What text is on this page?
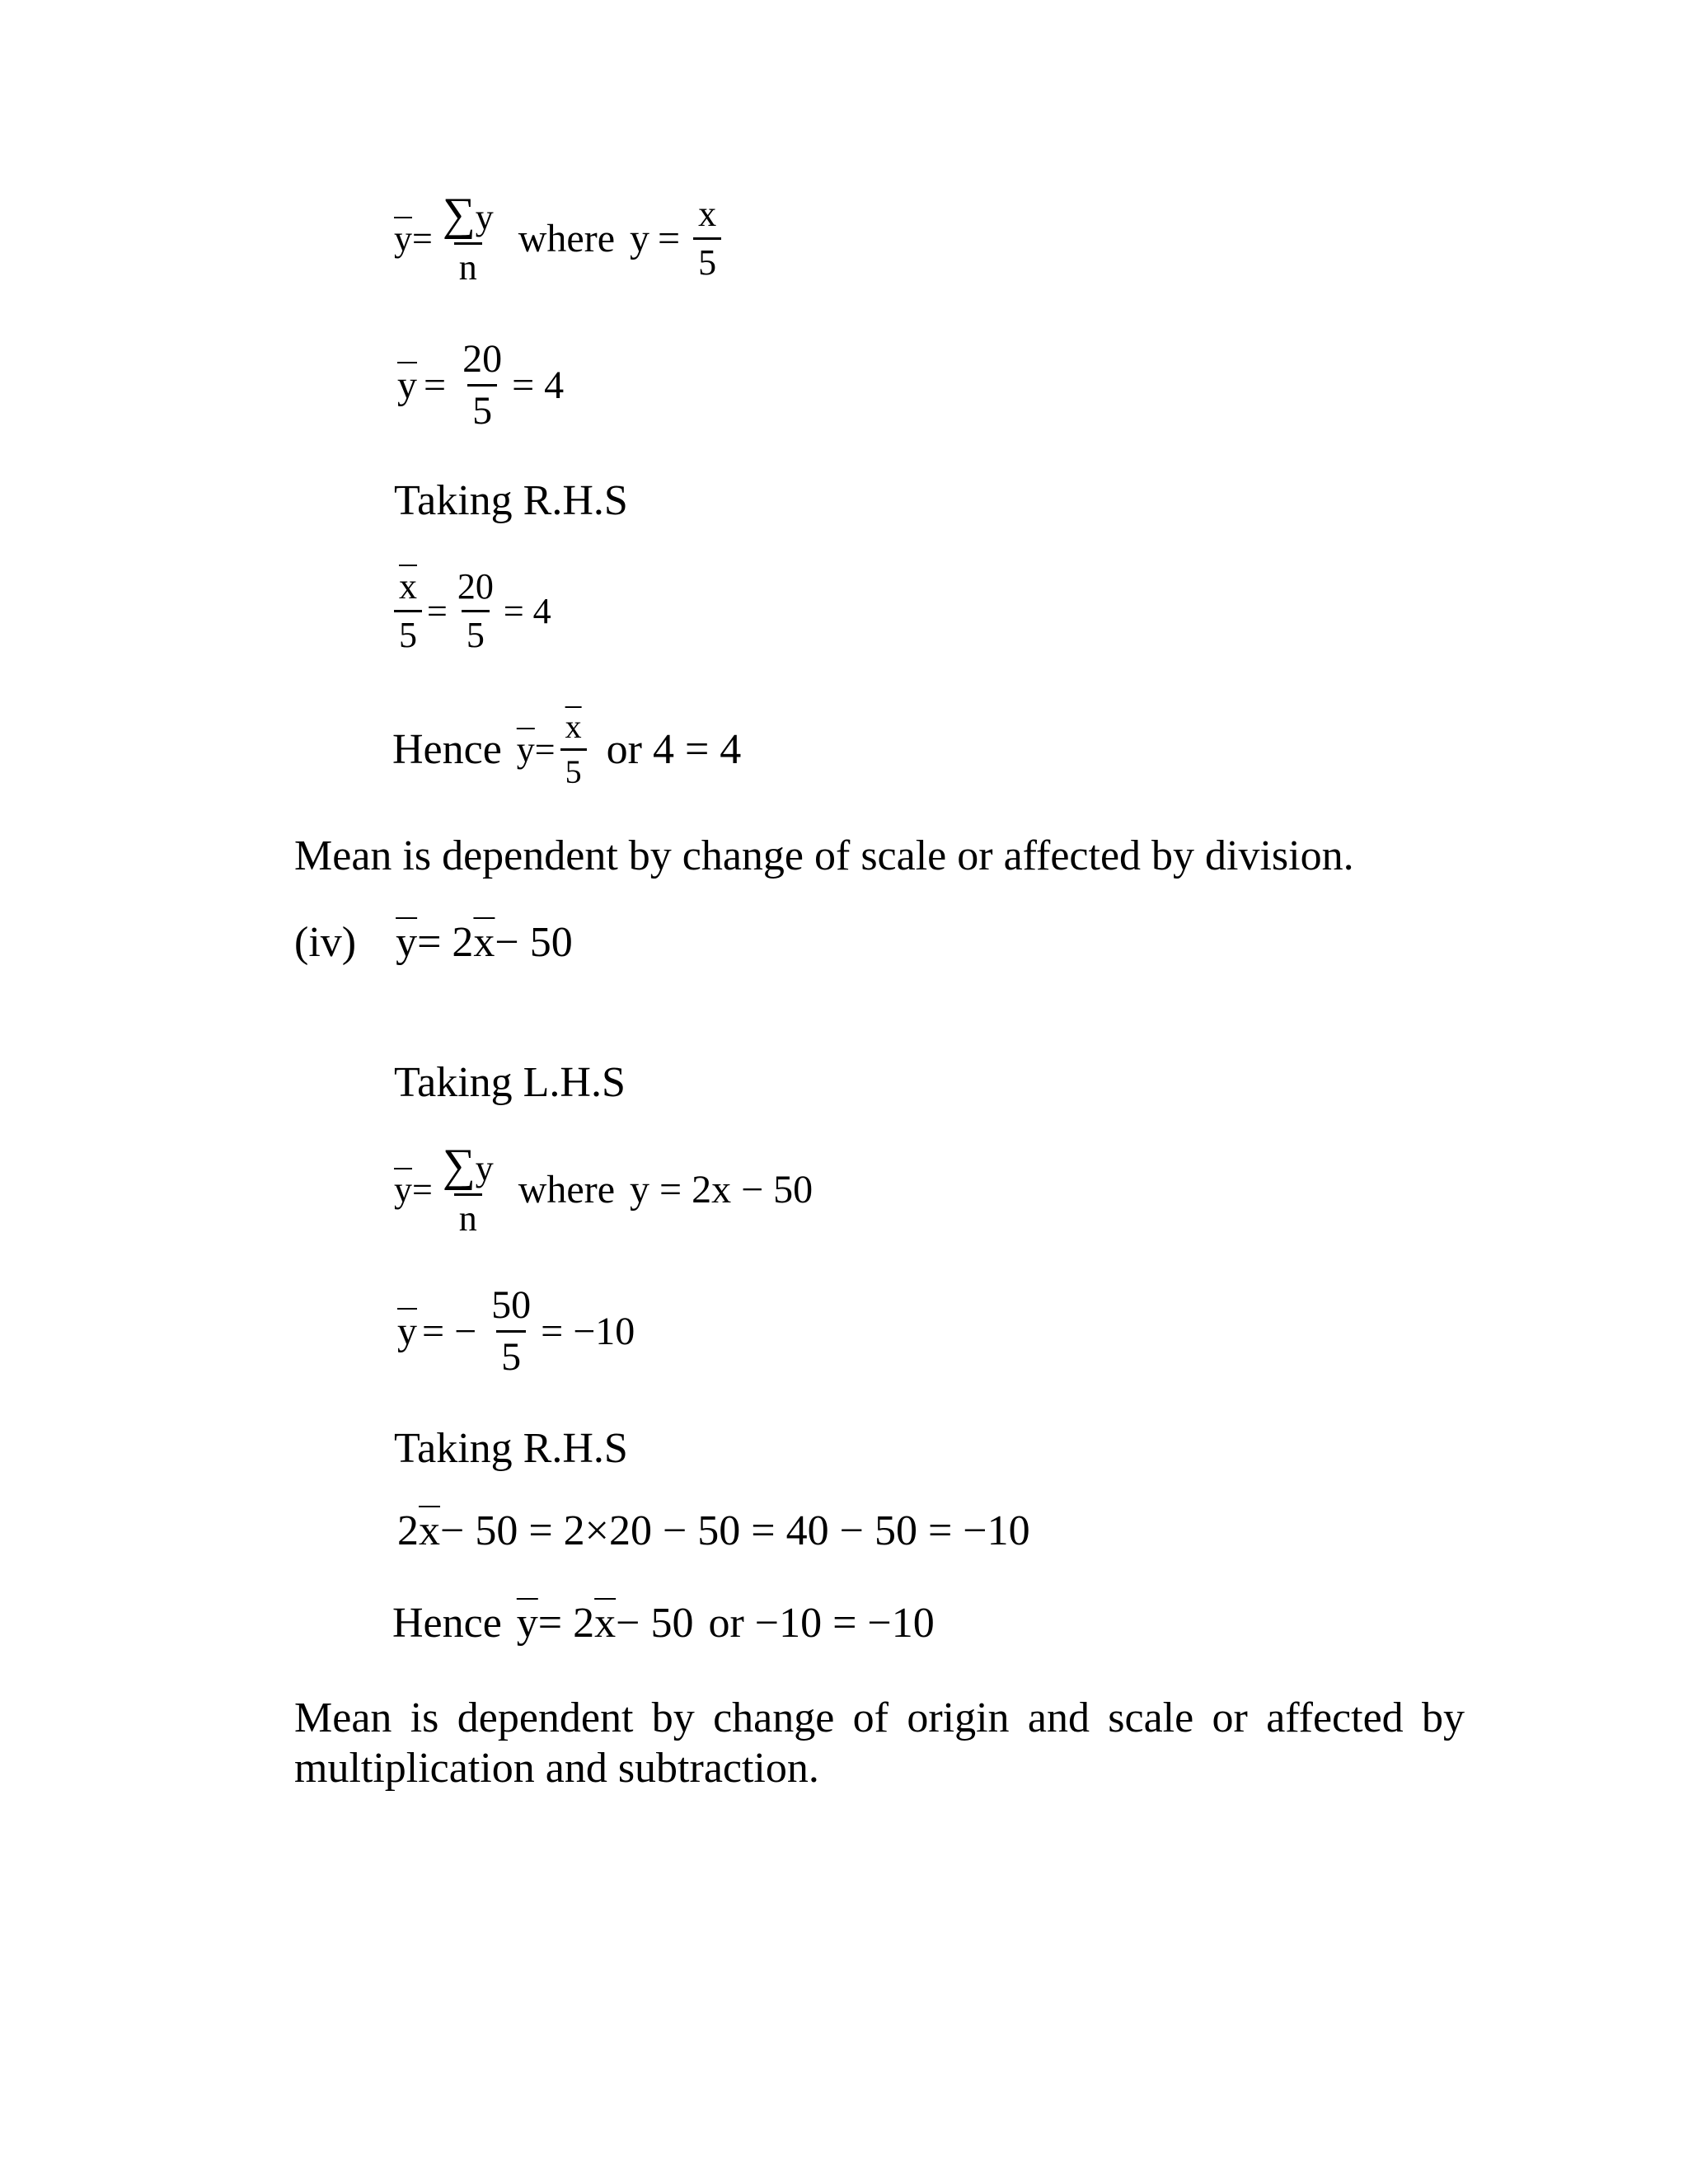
$\overline{y} = \frac{\sum y}{n}$ where $y = \frac{x}{5}$
$\overline{y} = \frac{20}{5} = 4$
Taking R.H.S
$\frac{\overline{x}}{5} = \frac{20}{5} = 4$
Hence $\overline{y} = \frac{\overline{x}}{5}$ or 4 = 4

Mean is dependent by change of scale or affected by division.

(iv) $\overline{y} = 2$ $\overline{x} - 50$
Taking L.H.S
$\overline{y} = \frac{\sum y}{n}$ where y = 2x − 50
$\overline{y}$ = − $\frac{50}{5} = -10$
Taking R.H.S
2 $\overline{x} - 50 = 2\times 20 - 50 = 40 - 50 = -10$
Hence $\overline{y} = 2$ $\overline{x} - 50$ or −10 = −10

Mean is dependent by change of origin and scale or affected by multiplication and subtraction.
